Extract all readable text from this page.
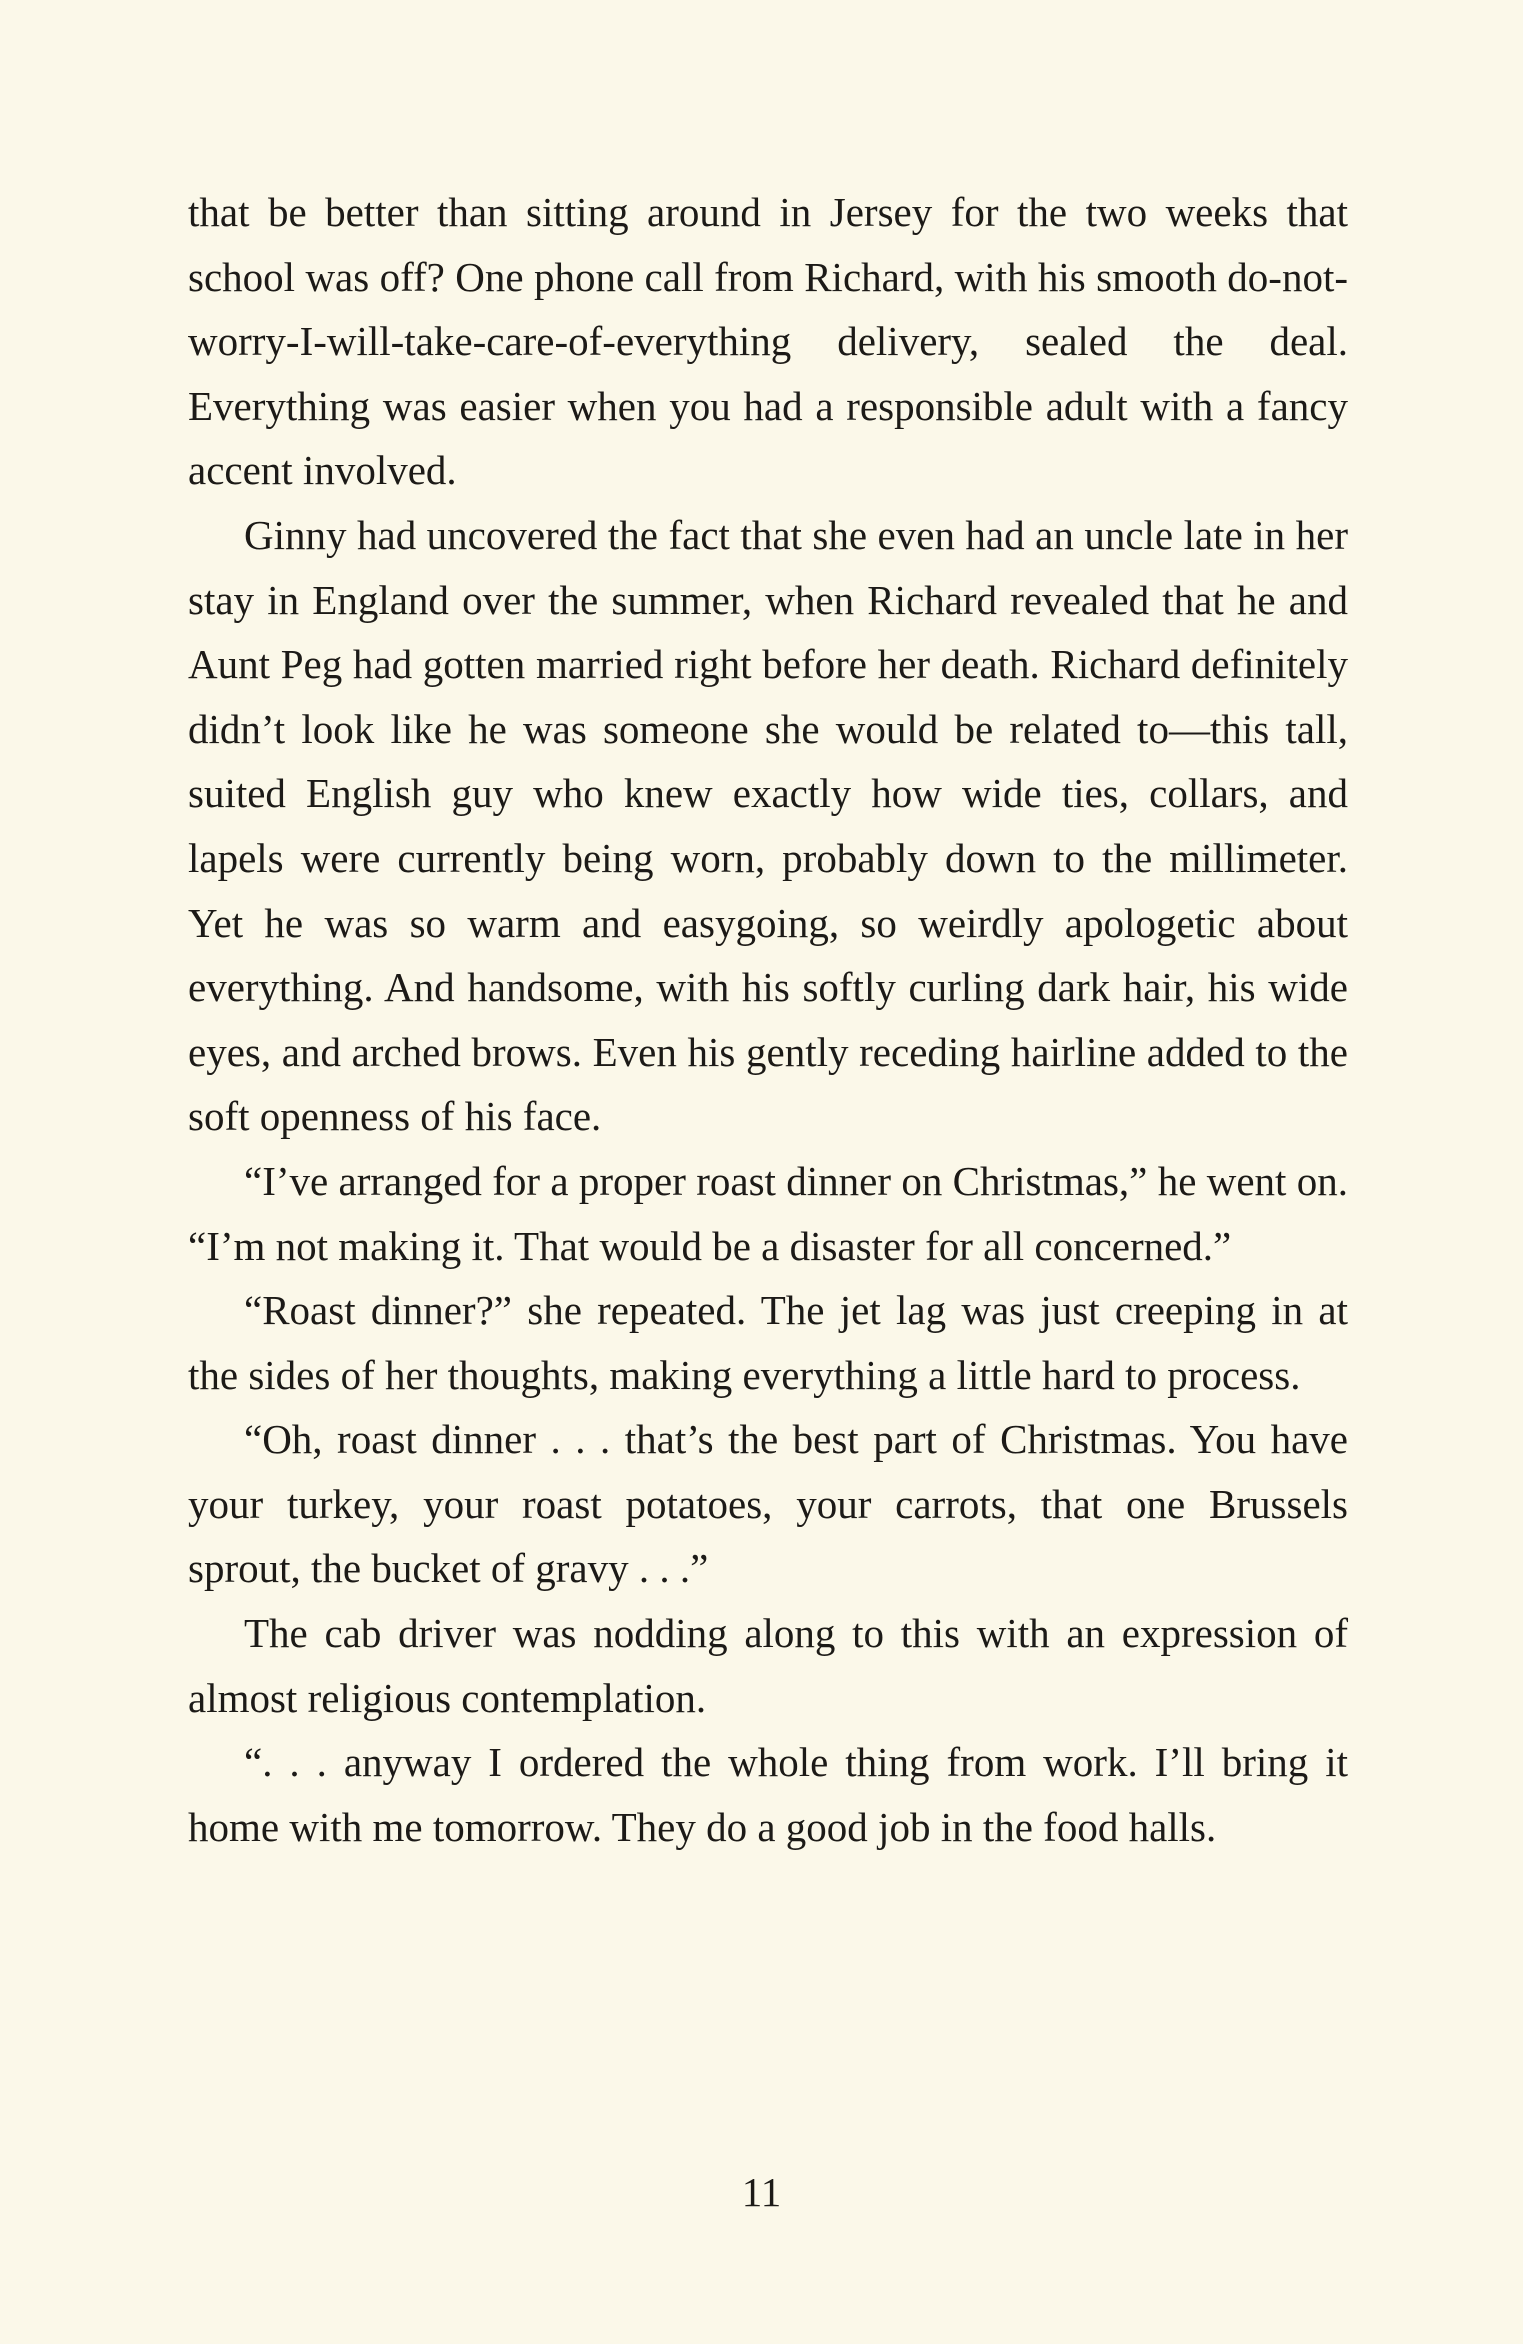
that be better than sitting around in Jersey for the two weeks that school was off? One phone call from Richard, with his smooth do-not-worry-I-will-take-care-of-everything delivery, sealed the deal. Everything was easier when you had a responsible adult with a fancy accent involved.

Ginny had uncovered the fact that she even had an uncle late in her stay in England over the summer, when Richard revealed that he and Aunt Peg had gotten married right before her death. Richard definitely didn’t look like he was someone she would be related to—this tall, suited English guy who knew exactly how wide ties, collars, and lapels were currently being worn, probably down to the millimeter. Yet he was so warm and easygoing, so weirdly apologetic about everything. And handsome, with his softly curling dark hair, his wide eyes, and arched brows. Even his gently receding hairline added to the soft openness of his face.

“I’ve arranged for a proper roast dinner on Christmas,” he went on. “I’m not making it. That would be a disaster for all concerned.”

“Roast dinner?” she repeated. The jet lag was just creeping in at the sides of her thoughts, making everything a little hard to process.

“Oh, roast dinner . . . that’s the best part of Christmas. You have your turkey, your roast potatoes, your carrots, that one Brussels sprout, the bucket of gravy . . .”

The cab driver was nodding along to this with an expression of almost religious contemplation.

“. . . anyway I ordered the whole thing from work. I’ll bring it home with me tomorrow. They do a good job in the food halls.

11
